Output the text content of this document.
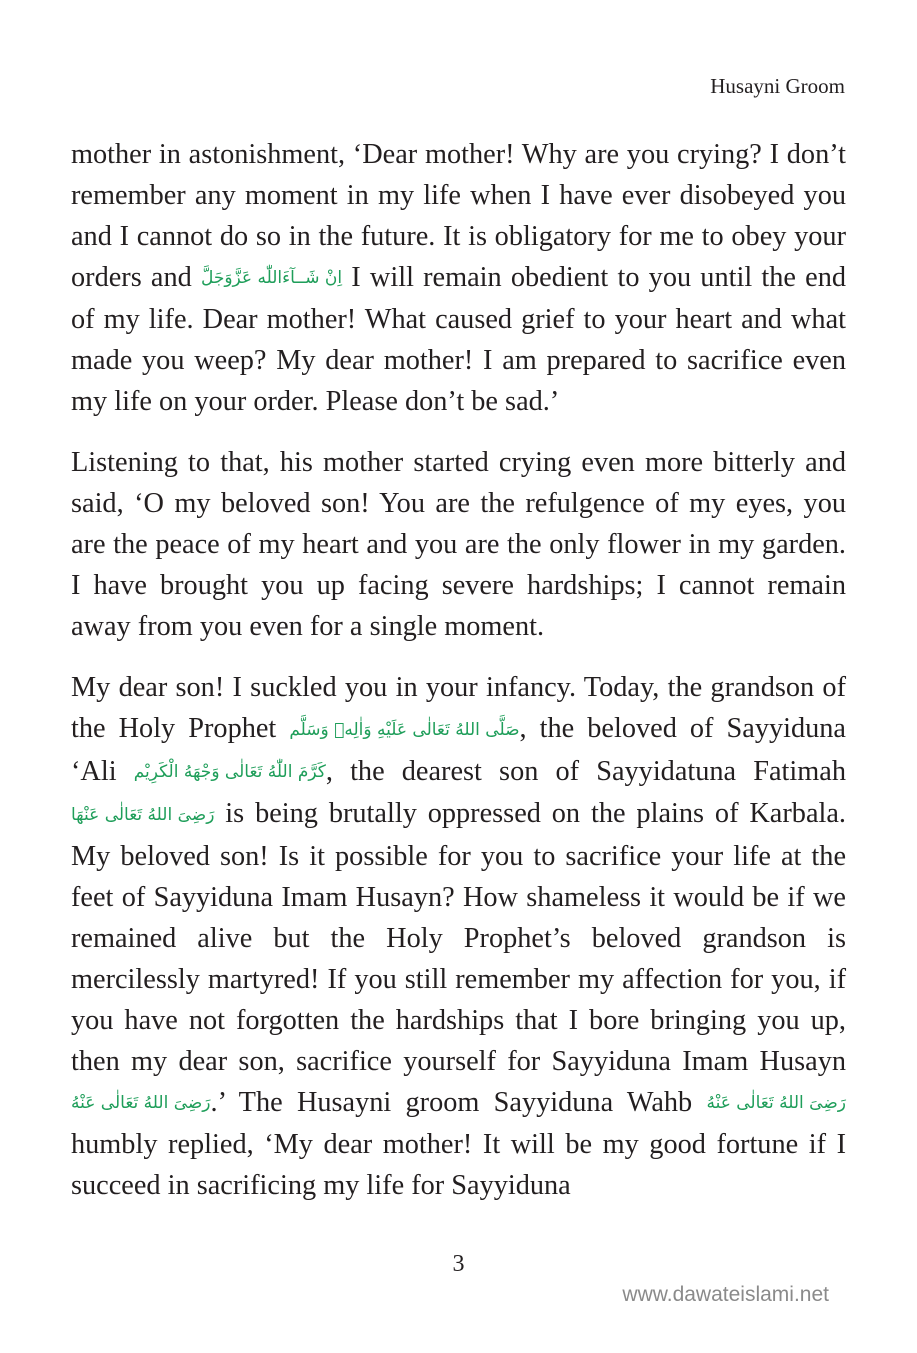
Husayni Groom

mother in astonishment, ‘Dear mother! Why are you crying? I don’t remember any moment in my life when I have ever disobeyed you and I cannot do so in the future. It is obligatory for me to obey your orders and اِنْ شَــآءَاللّٰه عَزَّوَجَلَّ I will remain obedient to you until the end of my life. Dear mother! What caused grief to your heart and what made you weep? My dear mother! I am prepared to sacrifice even my life on your order. Please don’t be sad.’

Listening to that, his mother started crying even more bitterly and said, ‘O my beloved son! You are the refulgence of my eyes, you are the peace of my heart and you are the only flower in my garden. I have brought you up facing severe hardships; I cannot remain away from you even for a single moment.

My dear son! I suckled you in your infancy. Today, the grandson of the Holy Prophet صَلَّى اللهُ تَعَالٰى عَلَيْهِ وَاٰلِهٖ وَسَلَّم, the beloved of Sayyiduna ‘Ali كَرَّمَ اللّٰهُ تَعَالٰى وَجْهَهُ الْكَرِيْم, the dearest son of Sayyidatuna Fatimah رَضِىَ اللهُ تَعَالٰى عَنْهَا is being brutally oppressed on the plains of Karbala. My beloved son! Is it possible for you to sacrifice your life at the feet of Sayyiduna Imam Husayn? How shameless it would be if we remained alive but the Holy Prophet’s beloved grandson is mercilessly martyred! If you still remember my affection for you, if you have not forgotten the hardships that I bore bringing you up, then my dear son, sacrifice yourself for Sayyiduna Imam Husayn رَضِىَ اللهُ تَعَالٰى عَنْهُ.’ The Husayni groom Sayyiduna Wahb رَضِىَ اللهُ تَعَالٰى عَنْهُ humbly replied, ‘My dear mother! It will be my good fortune if I succeed in sacrificing my life for Sayyiduna

3
www.dawateislami.net
